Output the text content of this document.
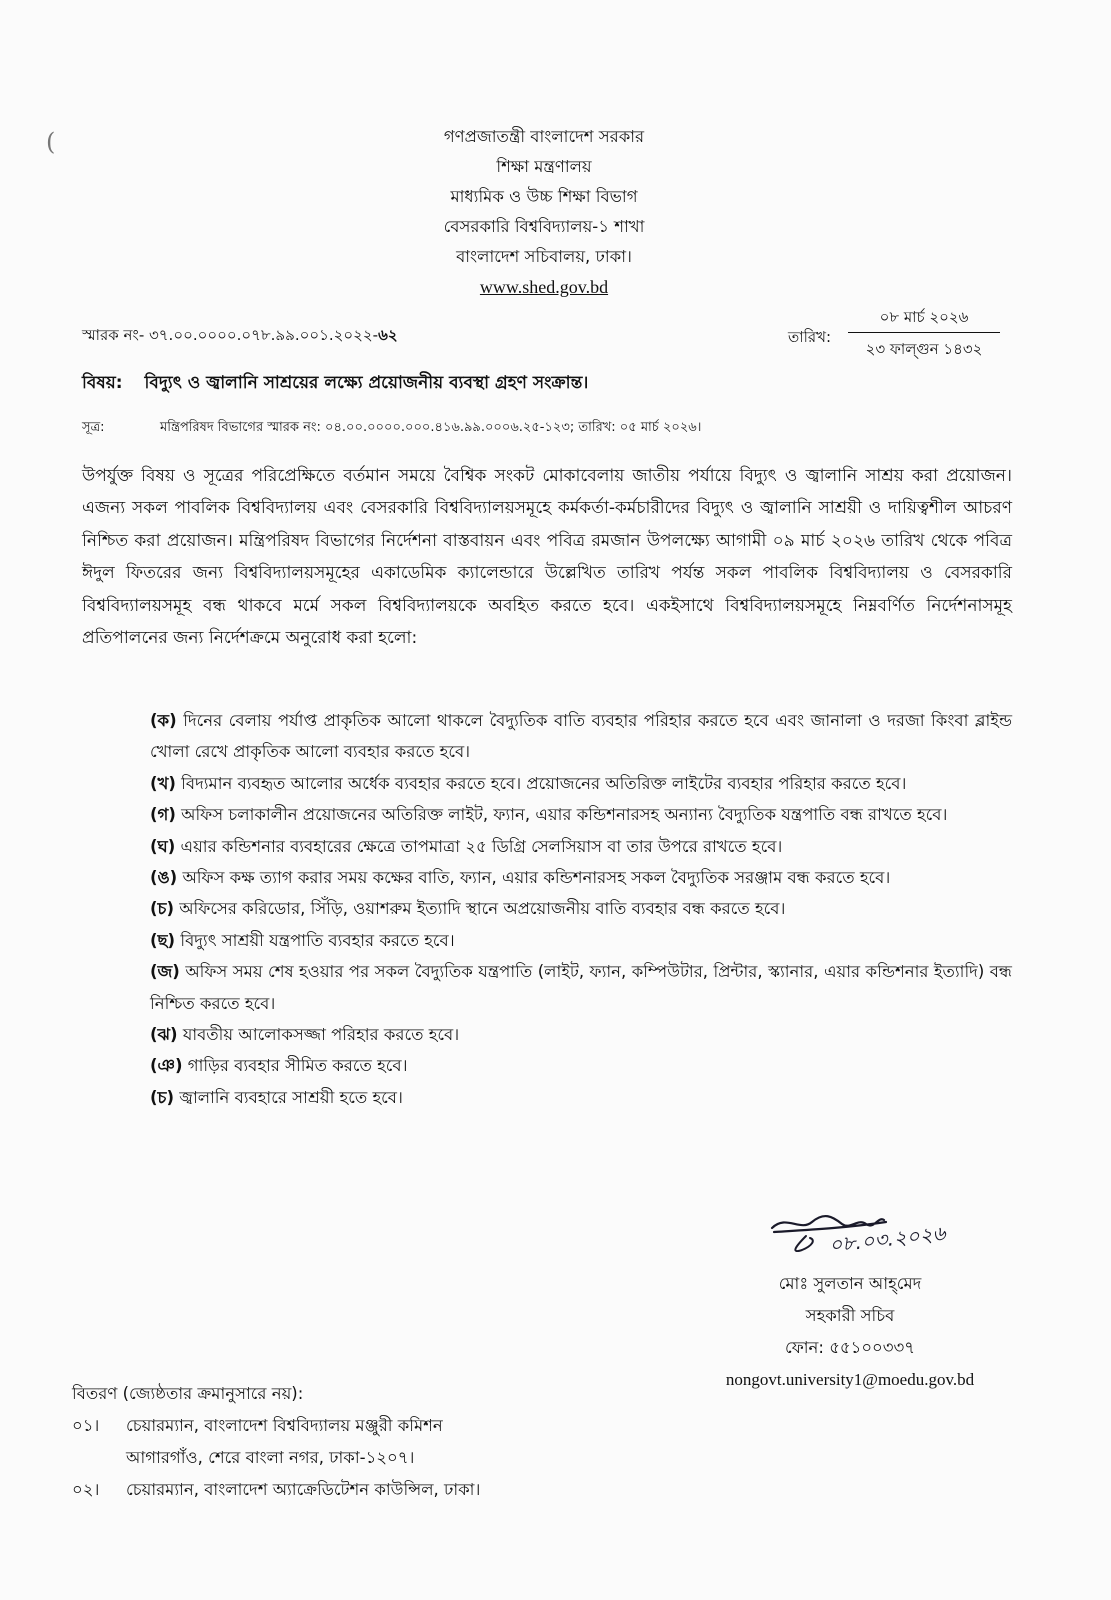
(	গণপ্রজাতন্ত্রী বাংলাদেশ সরকার
শিক্ষা মন্ত্রণালয়
মাধ্যমিক ও উচ্চ শিক্ষা বিভাগ
বেসরকারি বিশ্ববিদ্যালয়-১ শাখা
বাংলাদেশ সচিবালয়, ঢাকা।
www.shed.gov.bd
স্মারক নং- ৩৭.০০.০০০০.০৭৮.৯৯.০০১.২০২২-৬২	তারিখ:
০৮ মার্চ ২০২৬
২৩ ফাল্গুন ১৪৩২
বিষয়: বিদ্যুৎ ও জ্বালানি সাশ্রয়ের লক্ষ্যে প্রয়োজনীয় ব্যবস্থা গ্রহণ সংক্রান্ত।
সূত্র:	মন্ত্রিপরিষদ বিভাগের স্মারক নং: ০৪.০০.০০০০.০০০.৪১৬.৯৯.০০০৬.২৫-১২৩; তারিখ: ০৫ মার্চ ২০২৬।
উপর্যুক্ত বিষয় ও সূত্রের পরিপ্রেক্ষিতে বর্তমান সময়ে বৈশ্বিক সংকট মোকাবেলায় জাতীয় পর্যায়ে বিদ্যুৎ ও জ্বালানি সাশ্রয় করা প্রয়োজন। এজন্য সকল পাবলিক বিশ্ববিদ্যালয় এবং বেসরকারি বিশ্ববিদ্যালয়সমূহে কর্মকর্তা-কর্মচারীদের বিদ্যুৎ ও জ্বালানি সাশ্রয়ী ও দায়িত্বশীল আচরণ নিশ্চিত করা প্রয়োজন। মন্ত্রিপরিষদ বিভাগের নির্দেশনা বাস্তবায়ন এবং পবিত্র রমজান উপলক্ষ্যে আগামী ০৯ মার্চ ২০২৬ তারিখ থেকে পবিত্র ঈদুল ফিতরের জন্য বিশ্ববিদ্যালয়সমূহের একাডেমিক ক্যালেন্ডারে উল্লেখিত তারিখ পর্যন্ত সকল পাবলিক বিশ্ববিদ্যালয় ও বেসরকারি বিশ্ববিদ্যালয়সমূহ বন্ধ থাকবে মর্মে সকল বিশ্ববিদ্যালয়কে অবহিত করতে হবে। একইসাথে বিশ্ববিদ্যালয়সমূহে নিম্নবর্ণিত নির্দেশনাসমূহ প্রতিপালনের জন্য নির্দেশক্রমে অনুরোধ করা হলো:

(ক) দিনের বেলায় পর্যাপ্ত প্রাকৃতিক আলো থাকলে বৈদ্যুতিক বাতি ব্যবহার পরিহার করতে হবে এবং জানালা ও দরজা কিংবা ব্লাইন্ড খোলা রেখে প্রাকৃতিক আলো ব্যবহার করতে হবে।

(খ) বিদ্যমান ব্যবহৃত আলোর অর্ধেক ব্যবহার করতে হবে। প্রয়োজনের অতিরিক্ত লাইটের ব্যবহার পরিহার করতে হবে।

(গ) অফিস চলাকালীন প্রয়োজনের অতিরিক্ত লাইট, ফ্যান, এয়ার কন্ডিশনারসহ অন্যান্য বৈদ্যুতিক যন্ত্রপাতি বন্ধ রাখতে হবে।

(ঘ) এয়ার কন্ডিশনার ব্যবহারের ক্ষেত্রে তাপমাত্রা ২৫ ডিগ্রি সেলসিয়াস বা তার উপরে রাখতে হবে।

(ঙ) অফিস কক্ষ ত্যাগ করার সময় কক্ষের বাতি, ফ্যান, এয়ার কন্ডিশনারসহ সকল বৈদ্যুতিক সরঞ্জাম বন্ধ করতে হবে।

(চ) অফিসের করিডোর, সিঁড়ি, ওয়াশরুম ইত্যাদি স্থানে অপ্রয়োজনীয় বাতি ব্যবহার বন্ধ করতে হবে।

(ছ) বিদ্যুৎ সাশ্রয়ী যন্ত্রপাতি ব্যবহার করতে হবে।

(জ) অফিস সময় শেষ হওয়ার পর সকল বৈদ্যুতিক যন্ত্রপাতি (লাইট, ফ্যান, কম্পিউটার, প্রিন্টার, স্ক্যানার, এয়ার কন্ডিশনার ইত্যাদি) বন্ধ নিশ্চিত করতে হবে।

(ঝ) যাবতীয় আলোকসজ্জা পরিহার করতে হবে।

(ঞ) গাড়ির ব্যবহার সীমিত করতে হবে।

(চ) জ্বালানি ব্যবহারে সাশ্রয়ী হতে হবে।

০৮.০৩.২০২৬
মোঃ সুলতান আহ্‌মেদ
সহকারী সচিব
ফোন: ৫৫১০০৩৩৭
nongovt.university1@moedu.gov.bd
বিতরণ (জ্যেষ্ঠতার ক্রমানুসারে নয়):
০১।	চেয়ারম্যান, বাংলাদেশ বিশ্ববিদ্যালয় মঞ্জুরী কমিশন
আগারগাঁও, শেরে বাংলা নগর, ঢাকা-১২০৭।
০২।	চেয়ারম্যান, বাংলাদেশ অ্যাক্রেডিটেশন কাউন্সিল, ঢাকা।
